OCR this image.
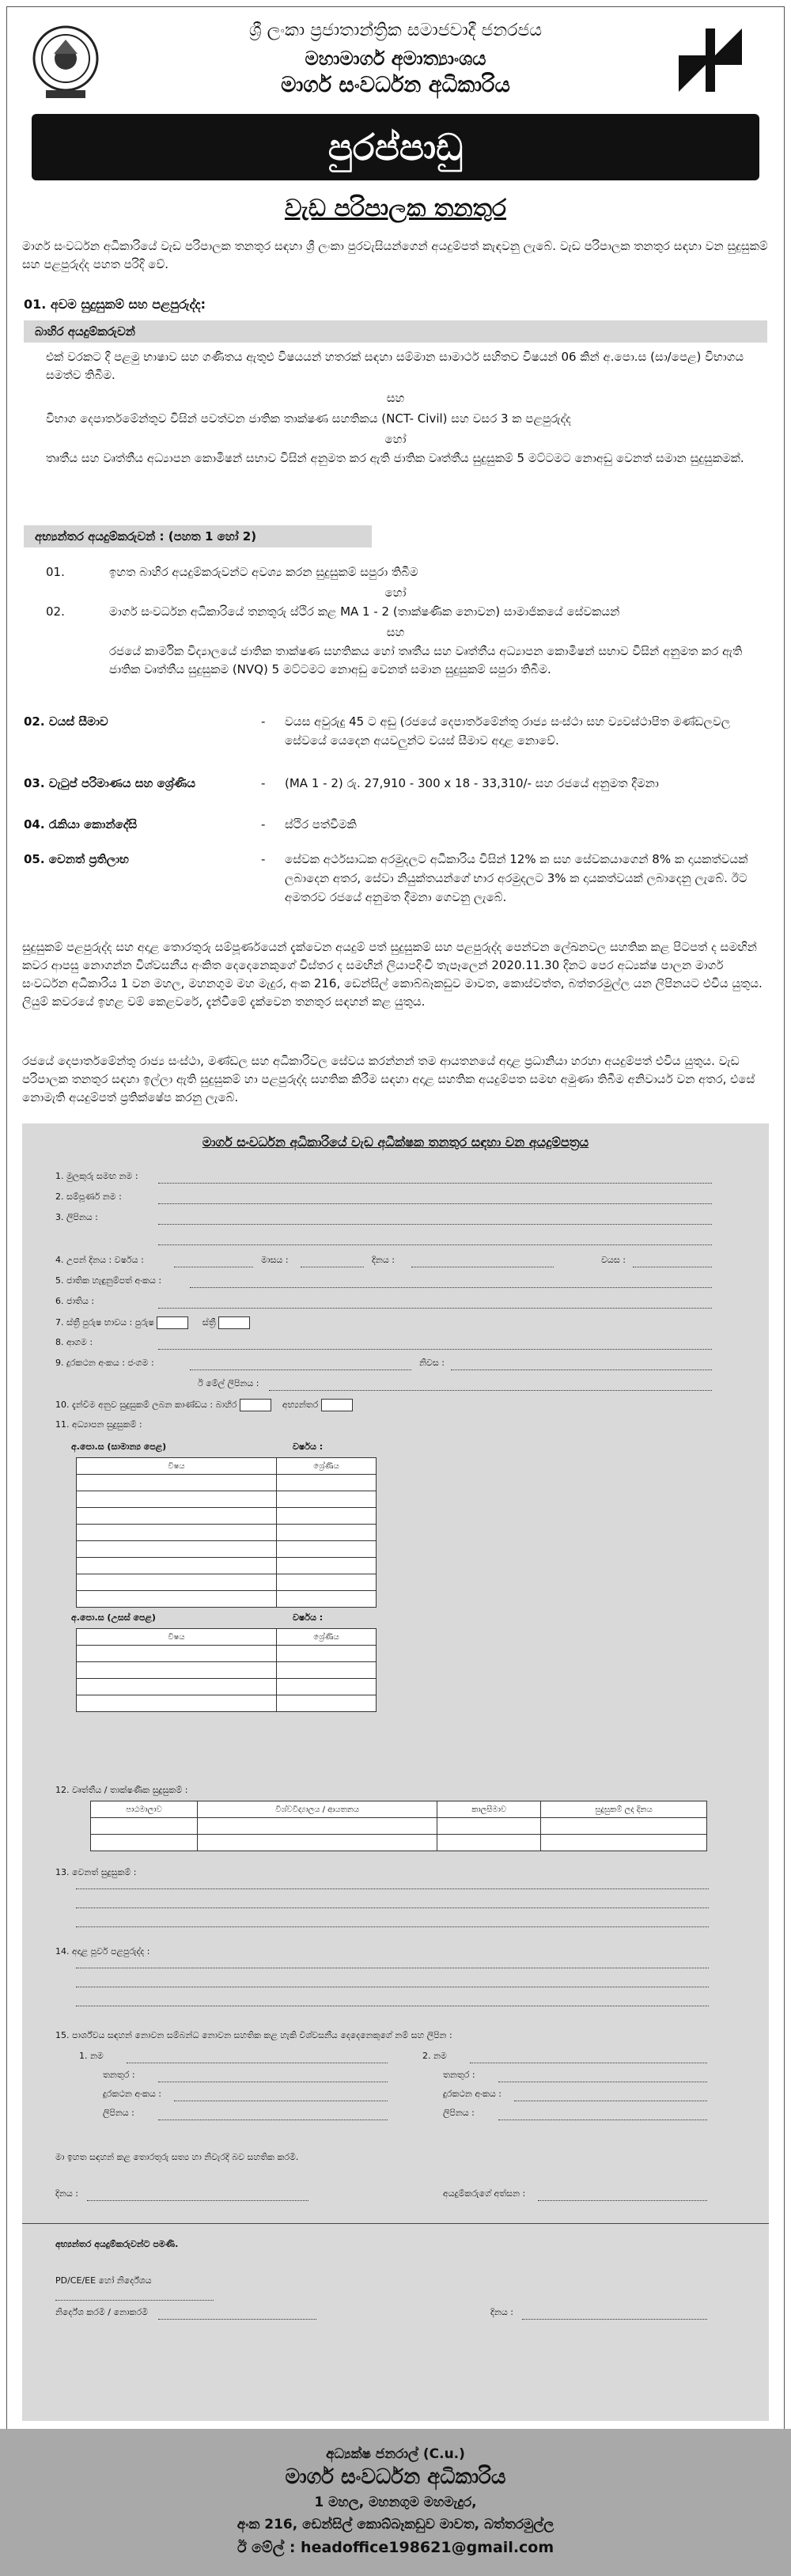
ශ්‍රී ලංකා ප්‍රජාතාන්ත්‍රික සමාජවාදී ජනරජය
මහාමාර්ග අමාත්‍යාංශය
මාර්ග සංවර්ධන අධිකාරිය
පුරප්පාඩු
වැඩ පරිපාලක තනතුර
මාර්ග සංවර්ධන අධිකාරියේ වැඩ පරිපාලක තනතුර සඳහා ශ්‍රී ලංකා පුරවැසියන්ගෙන් අයදුම්පත් කැඳවනු ලැබේ. වැඩ පරිපාලක තනතුර සඳහා වන සුදුසුකම් සහ පළපුරුද්ද පහත පරිදි වේ.
01. අවම සුදුසුකම් සහ පළපුරුද්ද:
බාහිර අයදුම්කරුවන්
එක් වරකට දී පළමු භාෂාව සහ ගණිතය ඇතුළු විෂයයන් හතරක් සඳහා සම්මාන සාමාර්ථ සහිතව විෂයන් 06 කින් අ.පො.ස (සා/පෙළ) විභාගය සමත්ව තිබීම.
සහ
විභාග දෙපාර්තමේන්තුව විසින් පවත්වන ජාතික තාක්ෂණ සහතිකය (NCT- Civil) සහ වසර 3 ක පළපුරුද්ද
හෝ
තෘතීය සහ වෘත්තීය අධ්‍යාපන කොමිෂන් සභාව විසින් අනුමත කර ඇති ජාතික වෘත්තීය සුදුසුකම් 5 මට්ටමට නොඅඩු වෙනත් සමාන සුදුසුකමක්.
අභ්‍යන්තර අයදුම්කරුවන් : (පහත 1 හෝ 2)
01.	ඉහත බාහිර අයදුම්කරුවන්ට අවශ්‍ය කරන සුදුසුකම් සපුරා තිබීම
හෝ
02.	මාර්ග සංවර්ධන අධිකාරියේ තනතුරු ස්ථිර කළ MA 1 - 2 (තාක්ෂණික නොවන) සාමාජිකයේ සේවකයන්
සහ
රජයේ කාර්මික විද්‍යාලයේ ජාතික තාක්ෂණ සහතිකය හෝ තෘතීය සහ වෘත්තීය අධ්‍යාපන කොමිෂන් සභාව විසින් අනුමත කර ඇති ජාතික වෘත්තීය සුදුසුකම (NVQ) 5 මට්ටමට නොඅඩු වෙනත් සමාන සුදුසුකම් සපුරා තිබීම.
02. වයස් සීමාව	- වයස අවුරුදු 45 ට අඩු (රජයේ දෙපාර්තමේන්තු රාජ්‍ය සංස්ථා සහ ව්‍යවස්ථාපිත මණ්ඩලවල සේවයේ යෙදෙන අයවලුන්ට වයස් සීමාව අදාළ නොවේ.
03. වැටුප් පරිමාණය සහ ශ්‍රේණිය	- (MA 1 - 2) රු. 27,910 - 300 x 18 - 33,310/- සහ රජයේ අනුමත දීමනා
04. රැකියා කොන්දේසි	- ස්ථිර පත්වීමකි
05. වෙනත් ප්‍රතිලාභ	- සේවක අර්ථසාධක අරමුදලට අධිකාරිය විසින් 12% ක සහ සේවකයාගෙන් 8% ක දායකත්වයක් ලබාදෙන අතර, සේවා නියුක්තයන්ගේ භාර අරමුදලට 3% ක දායකත්වයක් ලබාදෙනු ලැබේ. ඊට අමතරව රජයේ අනුමත දීමනා ගෙවනු ලැබේ.
සුදුසුකම් පළපුරුද්ද සහ අදාළ තොරතුරු සම්පූර්ණයෙන් දැක්වෙන අයදුම් පත් සුදුසුකම් සහ පළපුරුද්ද පෙන්වන ලේඛනවල සහතික කළ පිටපත් ද සමඟින් කවර ආපසු නොගන්න විශ්වසනීය අංකිත දෙදෙනෙකුගේ විස්තර ද සමඟින් ලියාපදිංචි තැපෑලෙන් 2020.11.30 දිනට පෙර අධ්‍යක්ෂ පාලන මාර්ග සංවර්ධන අධිකාරිය 1 වන මහල, මහනගුම මහ මැදුර, අංක 216, ඩෙන්සිල් කොබ්බෑකඩුව මාවත, කොස්වත්ත, බත්තරමුල්ල යන ලිපිනයට එවිය යුතුය. ලියුම් කවරයේ ඉහළ වම් කෙළවරේ, දැන්වීමේ දැක්වෙන තනතුර සඳහන් කළ යුතුය.
රජයේ දෙපාර්තමේන්තු රාජ්‍ය සංස්ථා, මණ්ඩල සහ අධිකාරිවල සේවය කරන්නන් තම ආයතනයේ අදාළ ප්‍රධානියා හරහා අයදුම්පත් එවිය යුතුය. වැඩ පරිපාලක තනතුර සඳහා ඉල්ලා ඇති සුදුසුකම් හා පළපුරුද්ද සහතික කිරීම සඳහා අදාළ සහතික අයදුම්පත සමඟ අමුණා තිබීම අනිවාර්ය වන අතර, එසේ නොමැති අයදුම්පත් ප්‍රතික්ෂේප කරනු ලැබේ.
මාර්ග සංවර්ධන අධිකාරියේ වැඩ අධීක්ෂක තනතුර සඳහා වන අයදුම්පත්‍රය
1. මුලකුරු සමඟ නම :
2. සම්පූර්ණ නම :
3. ලිපිනය :
4. උපන් දිනය : වර්ෂය :	මාසය :	දිනය :	වයස :
5. ජාතික හැඳුනුම්පත් අංකය :
6. ජාතිය :
7. ස්ත්‍රී පුරුෂ භාවය : පුරුෂ	ස්ත්‍රී
8. ආගම :
9. දුරකථන අංකය : ජංගම :	නිවස :
ඊ මේල් ලිපිනය :
10. දැන්වීම අනුව සුදුසුකම් ලබන කාණ්ඩය : බාහිර	අභ්‍යන්තර
11. අධ්‍යාපන සුදුසුකම් :
අ.පො.ස (සාමාන්‍ය පෙළ)	වර්ෂය :
විෂය	ශ්‍රේණිය

අ.පො.ස (උසස් පෙළ)	වර්ෂය :
විෂය	ශ්‍රේණිය

12. වෘත්තීය / තාක්ෂණික සුදුසුකම් :
පාඨමාලාව	විශ්වවිද්‍යාලය / ආයතනය	කාලසීමාව	සුදුසුකම් ලද දිනය

13. වෙනත් සුදුසුකම් :
14. අදාළ පූර්ව පළපුරුද්ද :
15. පාර්ශ්වය සඳහන් නොවන සම්බන්ධ නොවන සහතික කළ හැකි විශ්වසනීය දෙදෙනෙකුගේ නම් සහ ලිපින :
1. නම
තනතුර :
දුරකථන අංකය :
ලිපිනය :
2. නම
තනතුර :
දුරකථන අංකය :
ලිපිනය :
මා ඉහත සඳහන් කළ තොරතුරු සත්‍ය හා නිවැරදි බව සහතික කරමි.
දිනය :	අයදුම්කරුගේ අත්සන :
අභ්‍යන්තර අයදුම්කරුවන්ට පමණි.
PD/CE/EE හෝ නිර්දේශය
නිර්දේශ කරමි / නොකරමි	දිනය :
අධ්‍යක්ෂ ජනරාල් (C.u.)
මාර්ග සංවර්ධන අධිකාරිය
1 මහල, මහනගුම මහමැදුර,
අංක 216, ඩෙන්සිල් කොබ්බෑකඩුව මාවත, බත්තරමුල්ල
ඊ මේල් : headoffice198621@gmail.com
